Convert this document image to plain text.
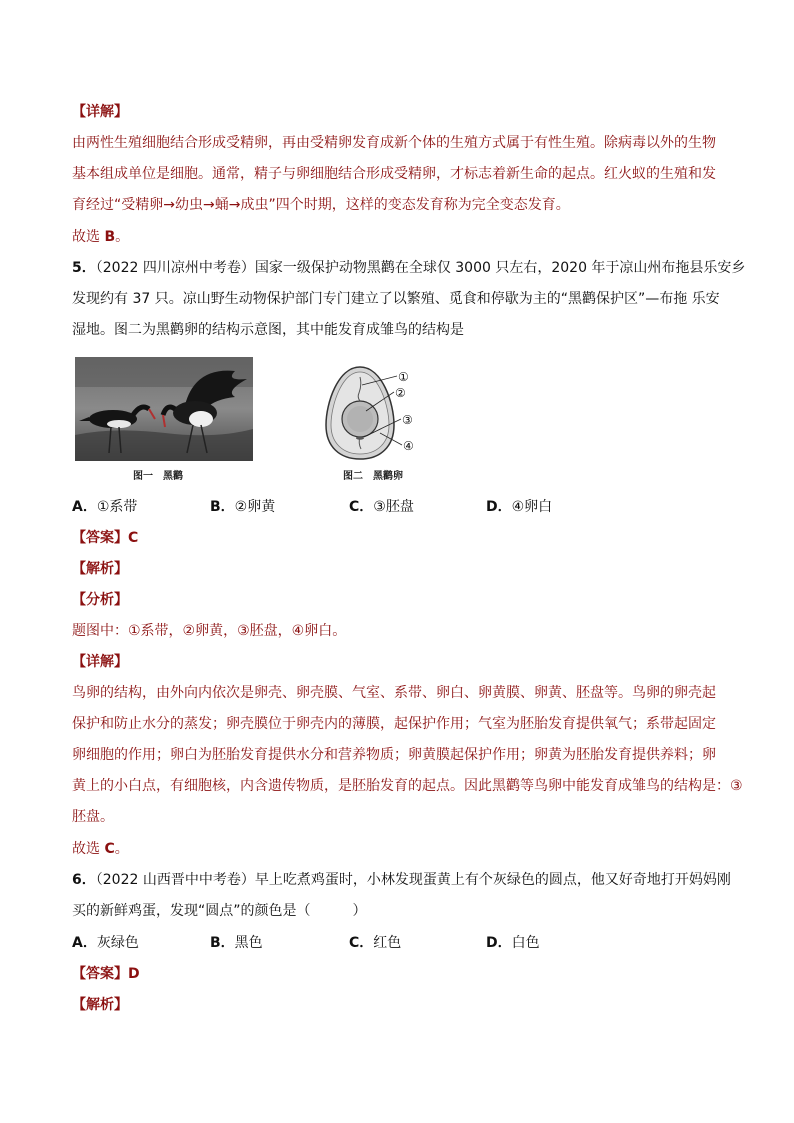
【详解】
由两性生殖细胞结合形成受精卵，再由受精卵发育成新个体的生殖方式属于有性生殖。除病毒以外的生物
基本组成单位是细胞。通常，精子与卵细胞结合形成受精卵，才标志着新生命的起点。红火蚁的生殖和发
育经过“受精卵→幼虫→蛹→成虫”四个时期，这样的变态发育称为完全变态发育。
故选 B。
5．（2022 四川凉州中考卷）国家一级保护动物黑鹳在全球仅 3000 只左右，2020 年于凉山州布拖县乐安乡
发现约有 37 只。凉山野生动物保护部门专门建立了以繁殖、觅食和停歇为主的“黑鹳保护区”—布拖 乐安
湿地。图二为黑鹳卵的结构示意图，其中能发育成雏鸟的结构是
图一　黑鹳
①
②
③
④
图二　黑鹳卵
A．①系带	B．②卵黄	C．③胚盘	D．④卵白
【答案】C
【解析】
【分析】
题图中：①系带，②卵黄，③胚盘，④卵白。
【详解】
鸟卵的结构，由外向内依次是卵壳、卵壳膜、气室、系带、卵白、卵黄膜、卵黄、胚盘等。鸟卵的卵壳起
保护和防止水分的蒸发；卵壳膜位于卵壳内的薄膜，起保护作用；气室为胚胎发育提供氧气；系带起固定
卵细胞的作用；卵白为胚胎发育提供水分和营养物质；卵黄膜起保护作用；卵黄为胚胎发育提供养料；卵
黄上的小白点，有细胞核，内含遗传物质，是胚胎发育的起点。因此黑鹳等鸟卵中能发育成雏鸟的结构是：③
胚盘。
故选 C。
6．（2022 山西晋中中考卷）早上吃煮鸡蛋时，小林发现蛋黄上有个灰绿色的圆点，他又好奇地打开妈妈刚
买的新鲜鸡蛋，发现“圆点”的颜色是（　　　）
A．灰绿色	B．黑色	C．红色	D．白色
【答案】D
【解析】
